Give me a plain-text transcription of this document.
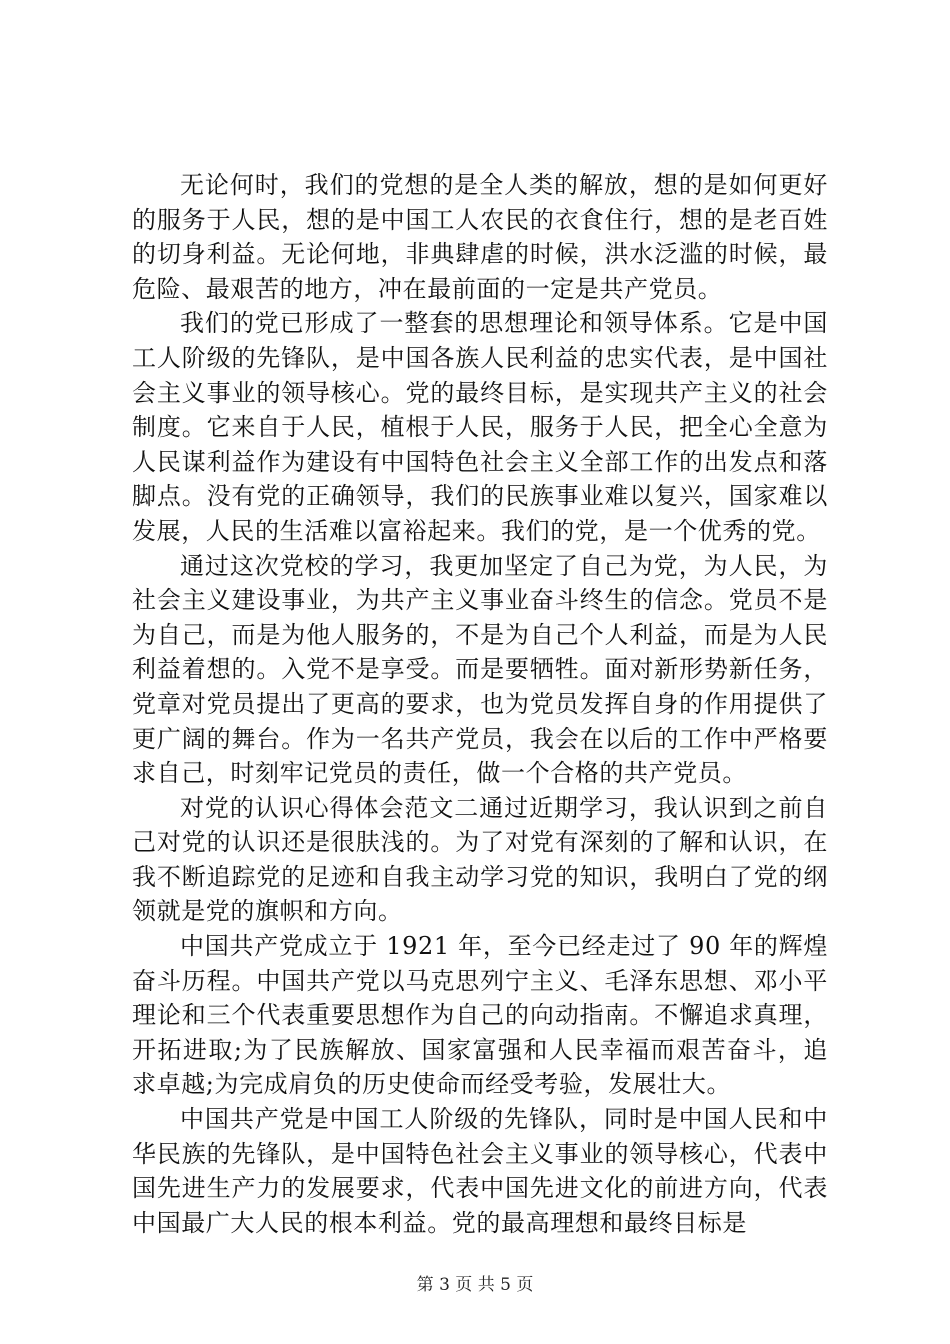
无论何时，我们的党想的是全人类的解放，想的是如何更好的服务于人民，想的是中国工人农民的衣食住行，想的是老百姓的切身利益。无论何地，非典肆虐的时候，洪水泛滥的时候，最危险、最艰苦的地方，冲在最前面的一定是共产党员。

我们的党已形成了一整套的思想理论和领导体系。它是中国工人阶级的先锋队，是中国各族人民利益的忠实代表，是中国社会主义事业的领导核心。党的最终目标，是实现共产主义的社会制度。它来自于人民，植根于人民，服务于人民，把全心全意为人民谋利益作为建设有中国特色社会主义全部工作的出发点和落脚点。没有党的正确领导，我们的民族事业难以复兴，国家难以发展，人民的生活难以富裕起来。我们的党，是一个优秀的党。

通过这次党校的学习，我更加坚定了自己为党，为人民，为社会主义建设事业，为共产主义事业奋斗终生的信念。党员不是为自己，而是为他人服务的，不是为自己个人利益，而是为人民利益着想的。入党不是享受。而是要牺牲。面对新形势新任务，党章对党员提出了更高的要求，也为党员发挥自身的作用提供了更广阔的舞台。作为一名共产党员，我会在以后的工作中严格要求自己，时刻牢记党员的责任，做一个合格的共产党员。

对党的认识心得体会范文二通过近期学习，我认识到之前自己对党的认识还是很肤浅的。为了对党有深刻的了解和认识，在我不断追踪党的足迹和自我主动学习党的知识，我明白了党的纲领就是党的旗帜和方向。

中国共产党成立于 1921 年，至今已经走过了 90 年的辉煌奋斗历程。中国共产党以马克思列宁主义、毛泽东思想、邓小平理论和三个代表重要思想作为自己的向动指南。不懈追求真理，开拓进取;为了民族解放、国家富强和人民幸福而艰苦奋斗，追求卓越;为完成肩负的历史使命而经受考验，发展壮大。

中国共产党是中国工人阶级的先锋队，同时是中国人民和中华民族的先锋队，是中国特色社会主义事业的领导核心，代表中国先进生产力的发展要求，代表中国先进文化的前进方向，代表中国最广大人民的根本利益。党的最高理想和最终目标是

第 3 页 共 5 页
